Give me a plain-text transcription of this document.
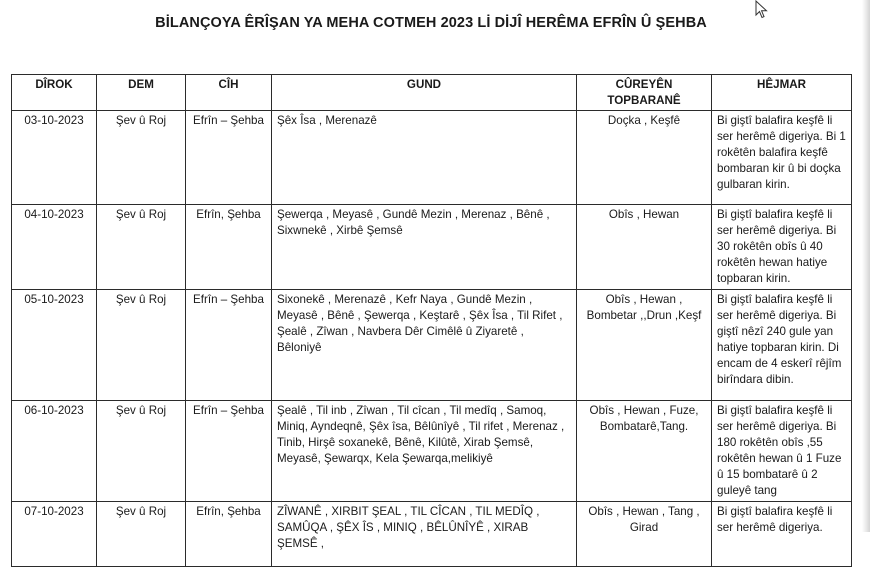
BİLANÇOYA ÊRÎŞAN YA MEHA COTMEH 2023 Lİ DİJÎ HERÊMA EFRÎN Û ŞEHBA
DÎROK	DEM	CÎH	GUND	CÛREYÊN TOPBARANÊ	HÊJMAR
03-10-2023	Şev û Roj	Efrîn – Şehba	Şêx Îsa , Merenazê	Doçka , Keşfê	Bi giştî balafira keşfê li ser herêmê digeriya. Bi 1 rokêtên balafira keşfê bombaran kir û bi doçka gulbaran kirin.
04-10-2023	Şev û Roj	Efrîn, Şehba	Şewerqa , Meyasê , Gundê Mezin , Merenaz , Bênê , Sixwnekê , Xirbê Şemsê	Obîs , Hewan	Bi giştî balafira keşfê li ser herêmê digeriya. Bi 30 rokêtên obîs û 40 rokêtên hewan hatiye topbaran kirin.
05-10-2023	Şev û Roj	Efrîn – Şehba	Sixonekê , Merenazê , Kefr Naya , Gundê Mezin , Meyasê , Bênê , Şewerqa , Keştarê , Şêx Îsa , Til Rifet , Şealê , Zîwan , Navbera Dêr Cimêlê û Ziyaretê , Bêloniyê	Obîs , Hewan , Bombetar ,,Drun ,Keşf	Bi giştî balafira keşfê li ser herêmê digeriya. Bi giştî nêzî 240 gule yan hatiye topbaran kirin. Di encam de 4 eskerî rêjîm birîndara dibin.
06-10-2023	Şev û Roj	Efrîn – Şehba	Şealê , Til inb , Zîwan , Til cîcan , Til medîq , Samoq, Miniq, Ayndeqnê, Şêx îsa, Bêlûnîyê , Til rifet , Merenaz , Tinib, Hirşê soxanekê, Bênê, Kilûtê, Xirab Şemsê, Meyasê, Şewarqx, Kela Şewarqa,melikiyê	Obîs , Hewan , Fuze, Bombatarê,Tang.	Bi giştî balafira keşfê li ser herêmê digeriya. Bi 180 rokêtên obîs ,55 rokêtên hewan û 1 Fuze û 15 bombatarê û 2 guleyê tang
07-10-2023	Şev û Roj	Efrîn, Şehba	ZÎWANÊ , XIRBIT ŞEAL , TIL CÎCAN , TIL MEDÎQ , SAMÛQA , ŞÊX ÎS , MINIQ , BÊLÛNÎYÊ , XIRAB ŞEMSÊ ,	Obîs , Hewan , Tang , Girad	Bi giştî balafira keşfê li ser herêmê digeriya.
